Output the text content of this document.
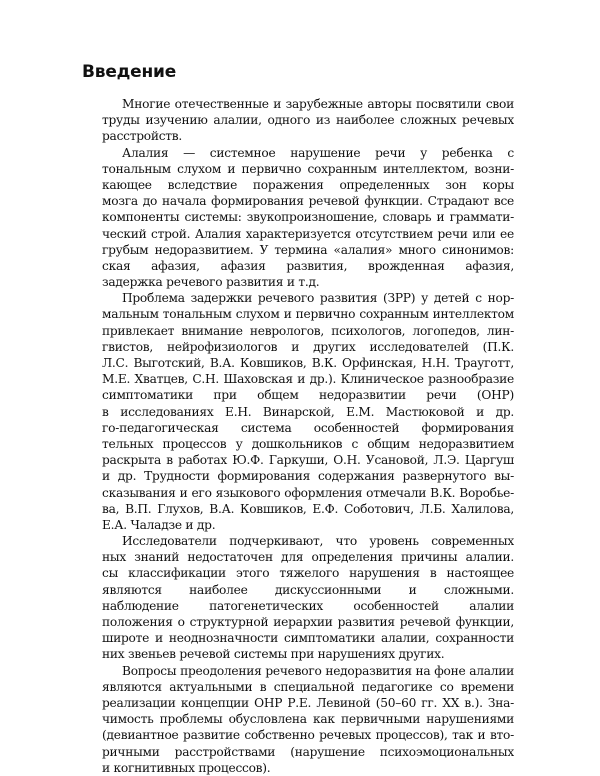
Введение
Многие отечественные и зарубежные авторы посвятили свои
труды изучению алалии, одного из наиболее сложных речевых
расстройств.
Алалия — системное нарушение речи у ребенка с
тональным слухом и первично сохранным интеллектом, возни-
кающее вследствие поражения определенных зон коры
мозга до начала формирования речевой функции. Страдают все
компоненты системы: звукопроизношение, словарь и граммати-
ческий строй. Алалия характеризуется отсутствием речи или ее
грубым недоразвитием. У термина «алалия» много синонимов:
ская афазия, афазия развития, врожденная афазия,
задержка речевого развития и т.д.
Проблема задержки речевого развития (ЗРР) у детей с нор-
мальным тональным слухом и первично сохранным интеллектом
привлекает внимание неврологов, психологов, логопедов, лин-
гвистов, нейрофизиологов и других исследователей (П.К.
Л.С. Выготский, В.А. Ковшиков, В.К. Орфинская, Н.Н. Трауготт,
М.Е. Хватцев, С.Н. Шаховская и др.). Клиническое разнообразие
симптоматики при общем недоразвитии речи (ОНР)
в исследованиях Е.Н. Винарской, Е.М. Мастюковой и др.
го-педагогическая система особенностей формирования
тельных процессов у дошкольников с общим недоразвитием
раскрыта в работах Ю.Ф. Гаркуши, О.Н. Усановой, Л.Э. Царгуш
и др. Трудности формирования содержания развернутого вы-
сказывания и его языкового оформления отмечали В.К. Воробье-
ва, В.П. Глухов, В.А. Ковшиков, Е.Ф. Соботович, Л.Б. Халилова,
Е.А. Чаладзе и др.
Исследователи подчеркивают, что уровень современных
ных знаний недостаточен для определения причины алалии.
сы классификации этого тяжелого нарушения в настоящее
являются наиболее дискуссионными и сложными.
наблюдение патогенетических особенностей алалии
положения о структурной иерархии развития речевой функции,
широте и неоднозначности симптоматики алалии, сохранности
них звеньев речевой системы при нарушениях других.
Вопросы преодоления речевого недоразвития на фоне алалии
являются актуальными в специальной педагогике со времени
реализации концепции ОНР Р.Е. Левиной (50–60 гг. XX в.). Зна-
чимость проблемы обусловлена как первичными нарушениями
(девиантное развитие собственно речевых процессов), так и вто-
ричными расстройствами (нарушение психоэмоциональных
и когнитивных процессов).
